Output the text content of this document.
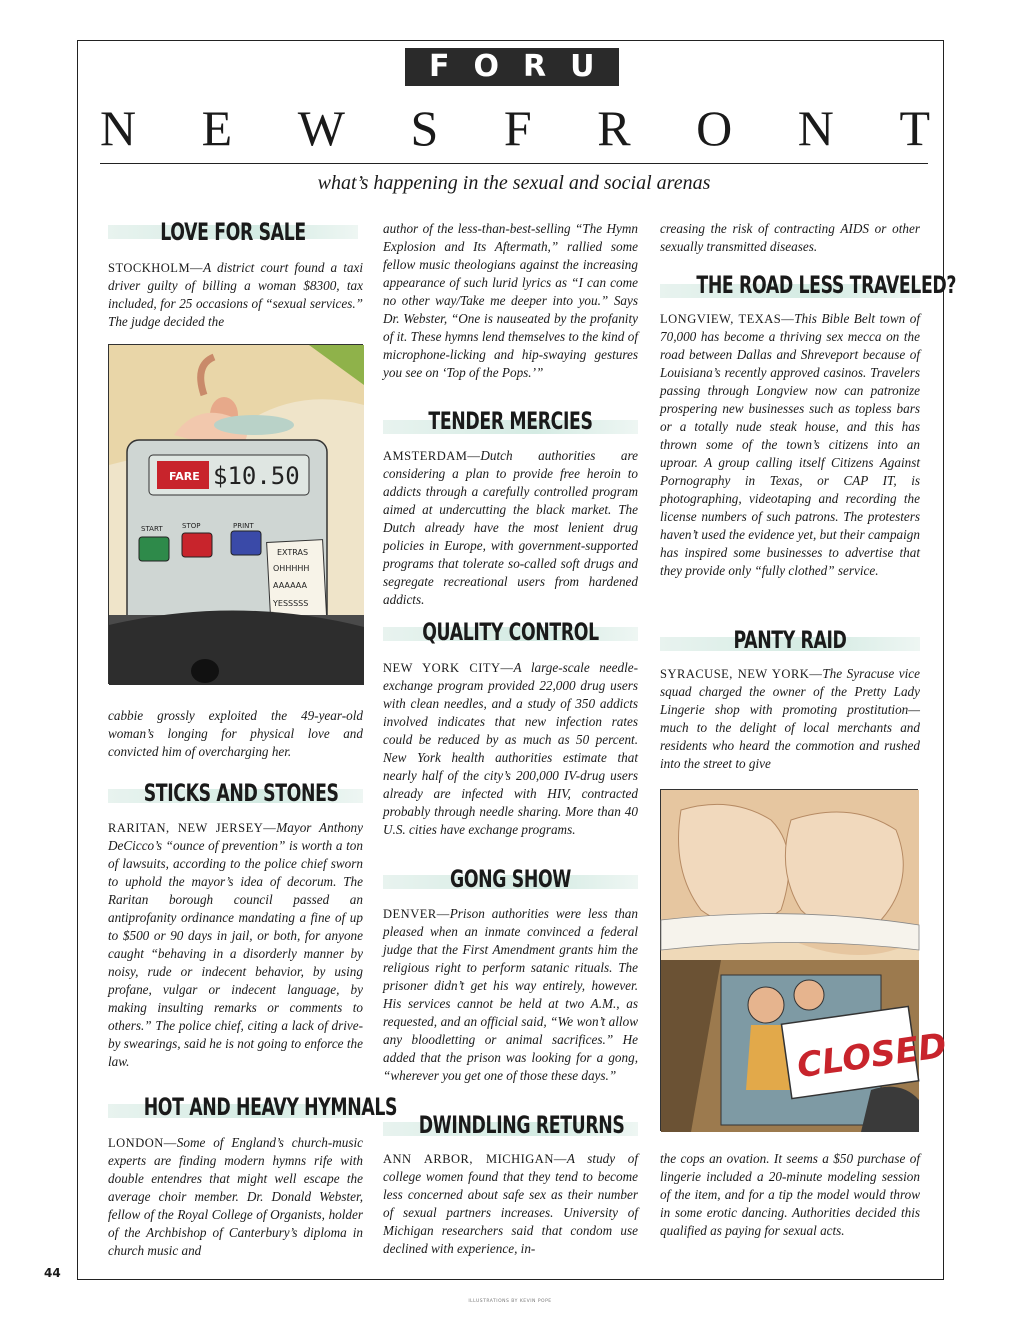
FORUM
N E W S F R O N T
what’s happening in the sexual and social arenas
LOVE FOR SALE

STOCKHOLM—A district court found a taxi driver guilty of billing a woman $8300, tax included, for 25 occasions of “sexual services.” The judge decided the

FARE $10.50
START	STOP	PRINT
EXTRAS
OHHHHH
AAAAAA
YESSSSS

cabbie grossly exploited the 49-year-old woman’s longing for physical love and convicted him of overcharging her.

STICKS AND STONES

RARITAN, NEW JERSEY—Mayor Anthony DeCicco’s “ounce of prevention” is worth a ton of lawsuits, according to the police chief sworn to uphold the mayor’s idea of decorum. The Raritan borough council passed an antiprofanity ordinance mandating a fine of up to $500 or 90 days in jail, or both, for anyone caught “behaving in a disorderly manner by noisy, rude or indecent behavior, by using profane, vulgar or indecent language, by making insulting remarks or comments to others.” The police chief, citing a lack of drive-by swearings, said he is not going to enforce the law.

HOT AND HEAVY HYMNALS

LONDON—Some of England’s church-music experts are finding modern hymns rife with double entendres that might well escape the average choir member. Dr. Donald Webster, fellow of the Royal College of Organists, holder of the Archbishop of Canterbury’s diploma in church music and

author of the less-than-best-selling “The Hymn Explosion and Its Aftermath,” rallied some fellow music theologians against the increasing appearance of such lurid lyrics as “I can come no other way/Take me deeper into you.” Says Dr. Webster, “One is nauseated by the profanity of it. These hymns lend themselves to the kind of microphone-licking and hip-swaying gestures you see on ‘Top of the Pops.’”

TENDER MERCIES

AMSTERDAM—Dutch authorities are considering a plan to provide free heroin to addicts through a carefully controlled program aimed at undercutting the black market. The Dutch already have the most lenient drug policies in Europe, with government-supported programs that tolerate so-called soft drugs and segregate recreational users from hardened addicts.

QUALITY CONTROL

NEW YORK CITY—A large-scale needle-exchange program provided 22,000 drug users with clean needles, and a study of 350 addicts involved indicates that new infection rates could be reduced by as much as 50 percent. New York health authorities estimate that nearly half of the city’s 200,000 IV-drug users already are infected with HIV, contracted probably through needle sharing. More than 40 U.S. cities have exchange programs.

GONG SHOW

DENVER—Prison authorities were less than pleased when an inmate convinced a federal judge that the First Amendment grants him the religious right to perform satanic rituals. The prisoner didn’t get his way entirely, however. His services cannot be held at two A.M., as requested, and an official said, “We won’t allow any bloodletting or animal sacrifices.” He added that the prison was looking for a gong, “wherever you get one of those these days.”

DWINDLING RETURNS

ANN ARBOR, MICHIGAN—A study of college women found that they tend to become less concerned about safe sex as their number of sexual partners increases. University of Michigan researchers said that condom use declined with experience, in-

creasing the risk of contracting AIDS or other sexually transmitted diseases.

THE ROAD LESS TRAVELED?

LONGVIEW, TEXAS—This Bible Belt town of 70,000 has become a thriving sex mecca on the road between Dallas and Shreveport because of Louisiana’s recently approved casinos. Travelers passing through Longview now can patronize prospering new businesses such as topless bars or a totally nude steak house, and this has thrown some of the town’s citizens into an uproar. A group calling itself Citizens Against Pornography in Texas, or CAP IT, is photographing, videotaping and recording the license numbers of such patrons. The protesters haven’t used the evidence yet, but their campaign has inspired some businesses to advertise that they provide only “fully clothed” service.

PANTY RAID

SYRACUSE, NEW YORK—The Syracuse vice squad charged the owner of the Pretty Lady Lingerie shop with promoting prostitution—much to the delight of local merchants and residents who heard the commotion and rushed into the street to give

CLOSED

the cops an ovation. It seems a $50 purchase of lingerie included a 20-minute modeling session of the item, and for a tip the model would throw in some erotic dancing. Authorities decided this qualified as paying for sexual acts.

44
ILLUSTRATIONS BY KEVIN POPE
